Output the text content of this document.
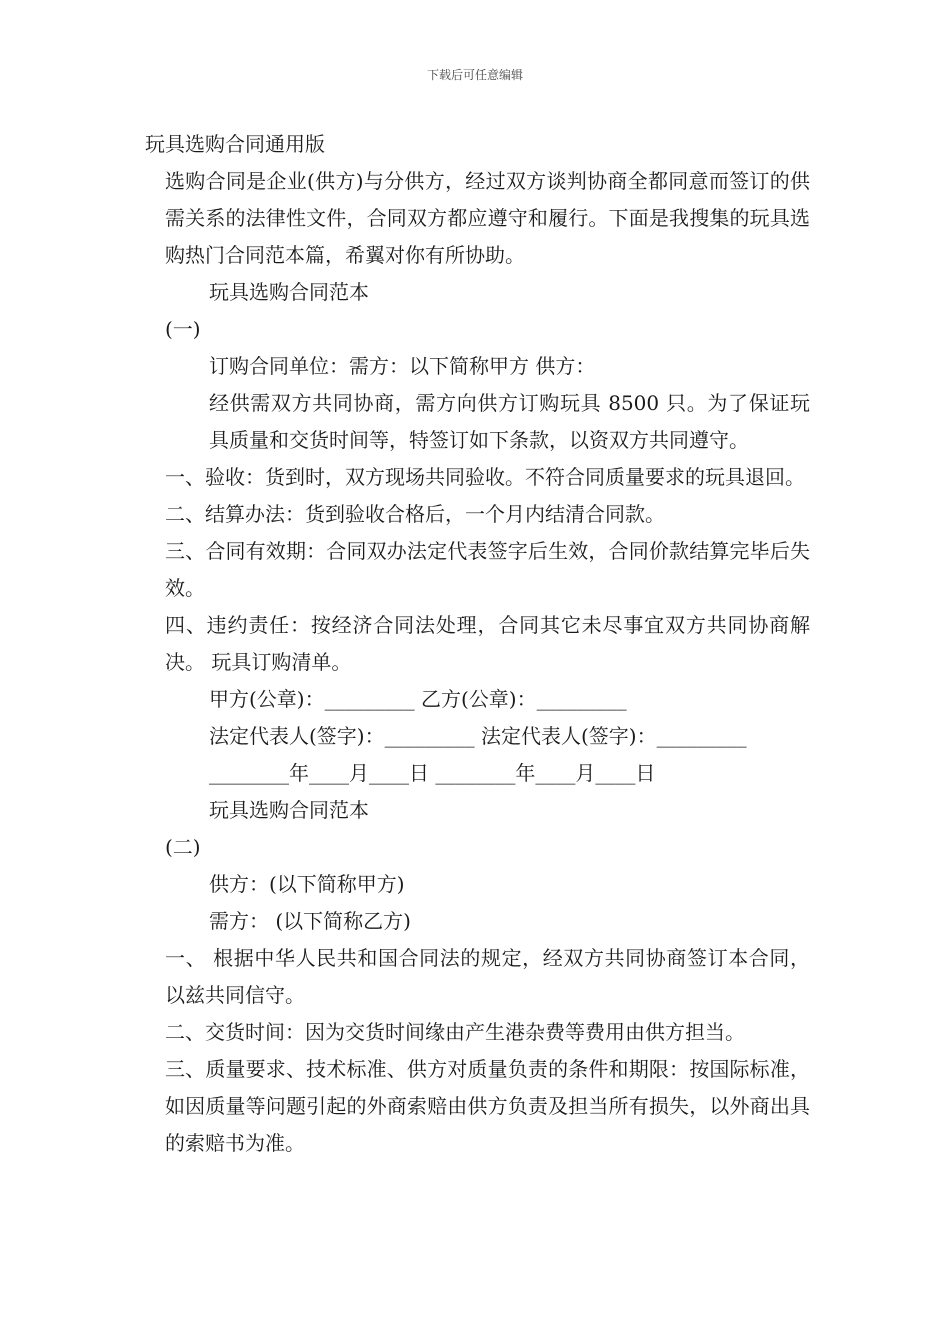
下载后可任意编辑
玩具选购合同通用版
选购合同是企业(供方)与分供方，经过双方谈判协商全都同意而签订的供需关系的法律性文件，合同双方都应遵守和履行。下面是我搜集的玩具选购热门合同范本篇，希翼对你有所协助。
玩具选购合同范本
(一)
订购合同单位：需方：以下简称甲方 供方：
经供需双方共同协商，需方向供方订购玩具 8500 只。为了保证玩具质量和交货时间等，特签订如下条款，以资双方共同遵守。
一、验收：货到时，双方现场共同验收。不符合同质量要求的玩具退回。
二、结算办法：货到验收合格后，一个月内结清合同款。
三、合同有效期：合同双办法定代表签字后生效，合同价款结算完毕后失效。
四、违约责任：按经济合同法处理，合同其它未尽事宜双方共同协商解决。 玩具订购清单。
甲方(公章)：_________ 乙方(公章)：_________
法定代表人(签字)：_________ 法定代表人(签字)：_________
________年____月____日 ________年____月____日
玩具选购合同范本
(二)
供方：(以下简称甲方)
需方： (以下简称乙方)
一、 根据中华人民共和国合同法的规定，经双方共同协商签订本合同，以兹共同信守。
二、交货时间：因为交货时间缘由产生港杂费等费用由供方担当。
三、质量要求、技术标准、供方对质量负责的条件和期限：按国际标准，如因质量等问题引起的外商索赔由供方负责及担当所有损失，以外商出具的索赔书为准。
